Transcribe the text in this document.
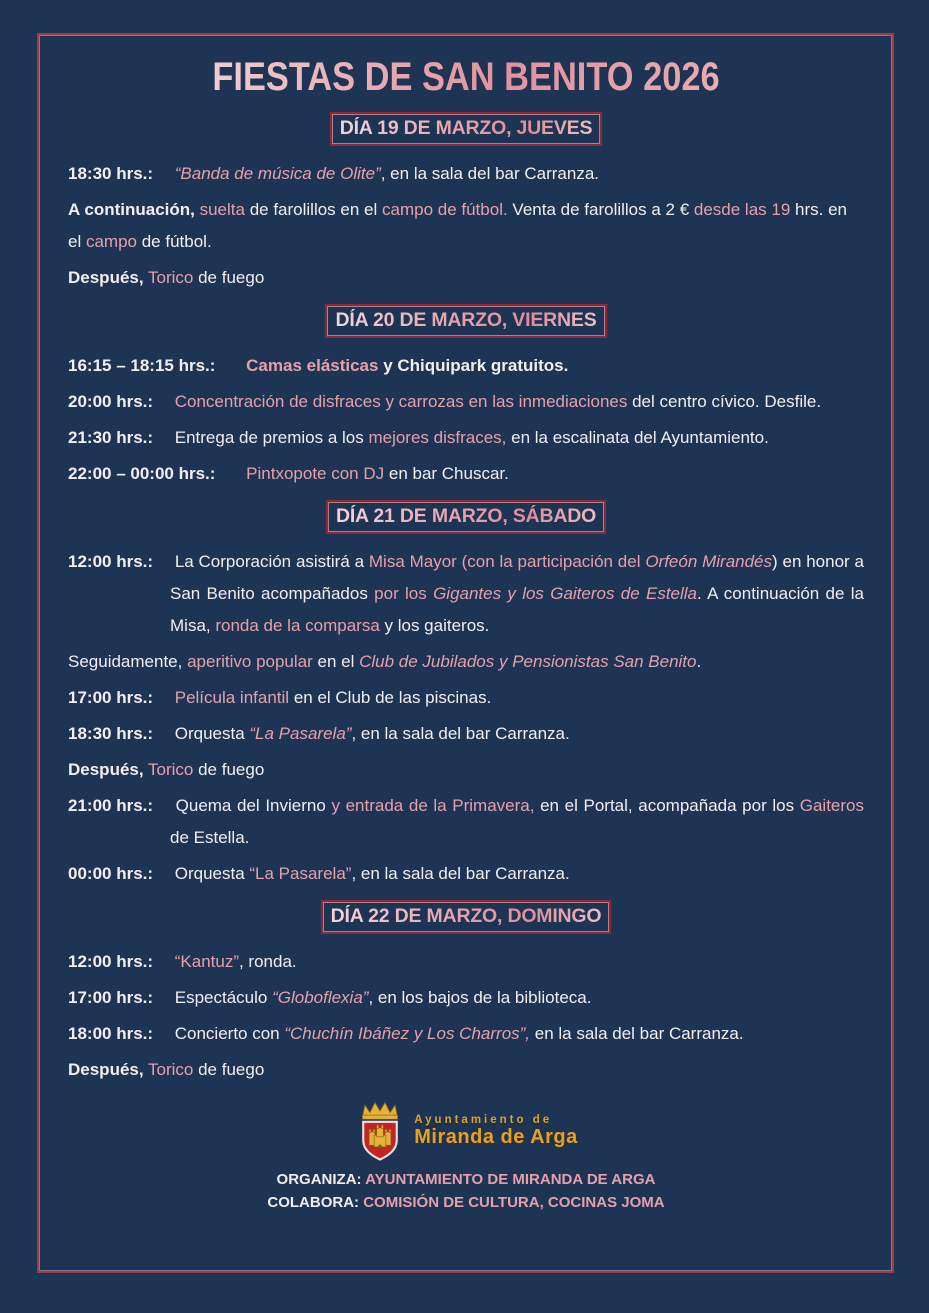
FIESTAS DE SAN BENITO 2026
DÍA 19 DE MARZO, JUEVES

18:30 hrs.: “Banda de música de Olite”, en la sala del bar Carranza.

A continuación, suelta de farolillos en el campo de fútbol. Venta de farolillos a 2 € desde las 19 hrs. en el campo de fútbol.

Después, Torico de fuego

DÍA 20 DE MARZO, VIERNES

16:15 – 18:15 hrs.: Camas elásticas y Chiquipark gratuitos.

20:00 hrs.: Concentración de disfraces y carrozas en las inmediaciones del centro cívico. Desfile.

21:30 hrs.: Entrega de premios a los mejores disfraces, en la escalinata del Ayuntamiento.

22:00 – 00:00 hrs.: Pintxopote con DJ en bar Chuscar.

DÍA 21 DE MARZO, SÁBADO

12:00 hrs.: La Corporación asistirá a Misa Mayor (con la participación del Orfeón Mirandés) en honor a San Benito acompañados por los Gigantes y los Gaiteros de Estella. A continuación de la Misa, ronda de la comparsa y los gaiteros.

Seguidamente, aperitivo popular en el Club de Jubilados y Pensionistas San Benito.

17:00 hrs.: Película infantil en el Club de las piscinas.

18:30 hrs.: Orquesta “La Pasarela”, en la sala del bar Carranza.

Después, Torico de fuego

21:00 hrs.: Quema del Invierno y entrada de la Primavera, en el Portal, acompañada por los Gaiteros de Estella.

00:00 hrs.: Orquesta “La Pasarela”, en la sala del bar Carranza.

DÍA 22 DE MARZO, DOMINGO

12:00 hrs.: “Kantuz”, ronda.

17:00 hrs.: Espectáculo “Globoflexia”, en los bajos de la biblioteca.

18:00 hrs.: Concierto con “Chuchín Ibáñez y Los Charros”, en la sala del bar Carranza.

Después, Torico de fuego

Ayuntamiento de
Miranda de Arga
ORGANIZA: AYUNTAMIENTO DE MIRANDA DE ARGA
COLABORA: COMISIÓN DE CULTURA, COCINAS JOMA
